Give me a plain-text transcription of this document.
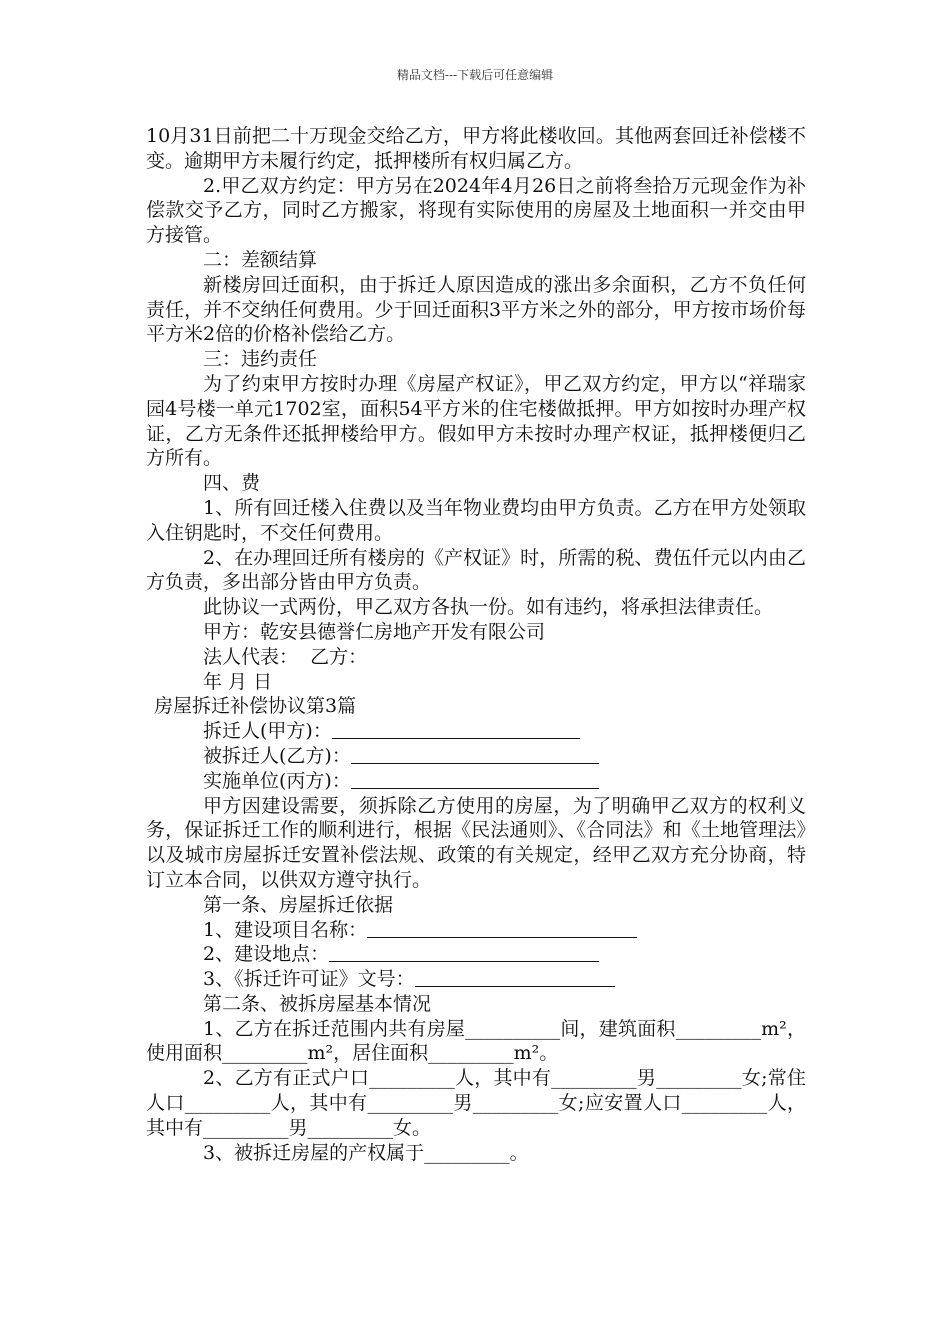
精品文档---下载后可任意编辑

10月31日前把二十万现金交给乙方，甲方将此楼收回。其他两套回迁补偿楼不变。逾期甲方未履行约定，抵押楼所有权归属乙方。

2.甲乙双方约定：甲方另在2024年4月26日之前将叁拾万元现金作为补偿款交予乙方，同时乙方搬家，将现有实际使用的房屋及土地面积一并交由甲方接管。

二：差额结算

新楼房回迁面积，由于拆迁人原因造成的涨出多余面积，乙方不负任何责任，并不交纳任何费用。少于回迁面积3平方米之外的部分，甲方按市场价每平方米2倍的价格补偿给乙方。

三：违约责任

为了约束甲方按时办理《房屋产权证》，甲乙双方约定，甲方以“祥瑞家园4号楼一单元1702室，面积54平方米的住宅楼做抵押。甲方如按时办理产权证，乙方无条件还抵押楼给甲方。假如甲方未按时办理产权证，抵押楼便归乙方所有。

四、费

1、所有回迁楼入住费以及当年物业费均由甲方负责。乙方在甲方处领取入住钥匙时，不交任何费用。

2、在办理回迁所有楼房的《产权证》时，所需的税、费伍仟元以内由乙方负责，多出部分皆由甲方负责。

此协议一式两份，甲乙双方各执一份。如有违约，将承担法律责任。

甲方：乾安县德誉仁房地产开发有限公司

法人代表：  乙方：

年 月 日

房屋拆迁补偿协议第3篇

拆迁人(甲方)：

被拆迁人(乙方)：

实施单位(丙方)：

甲方因建设需要，须拆除乙方使用的房屋，为了明确甲乙双方的权利义务，保证拆迁工作的顺利进行，根据《民法通则》、《合同法》和《土地管理法》以及城市房屋拆迁安置补偿法规、政策的有关规定，经甲乙双方充分协商，特订立本合同，以供双方遵守执行。

第一条、房屋拆迁依据

1、建设项目名称：

2、建设地点：

3、《拆迁许可证》文号：

第二条、被拆房屋基本情况

1、乙方在拆迁范围内共有房屋__________间，建筑面积_________m²，使用面积_________m²，居住面积_________m²。

2、乙方有正式户口_________人，其中有_________男_________女;常住人口_________人，其中有_________男_________女;应安置人口_________人，其中有_________男_________女。

3、被拆迁房屋的产权属于_________。
